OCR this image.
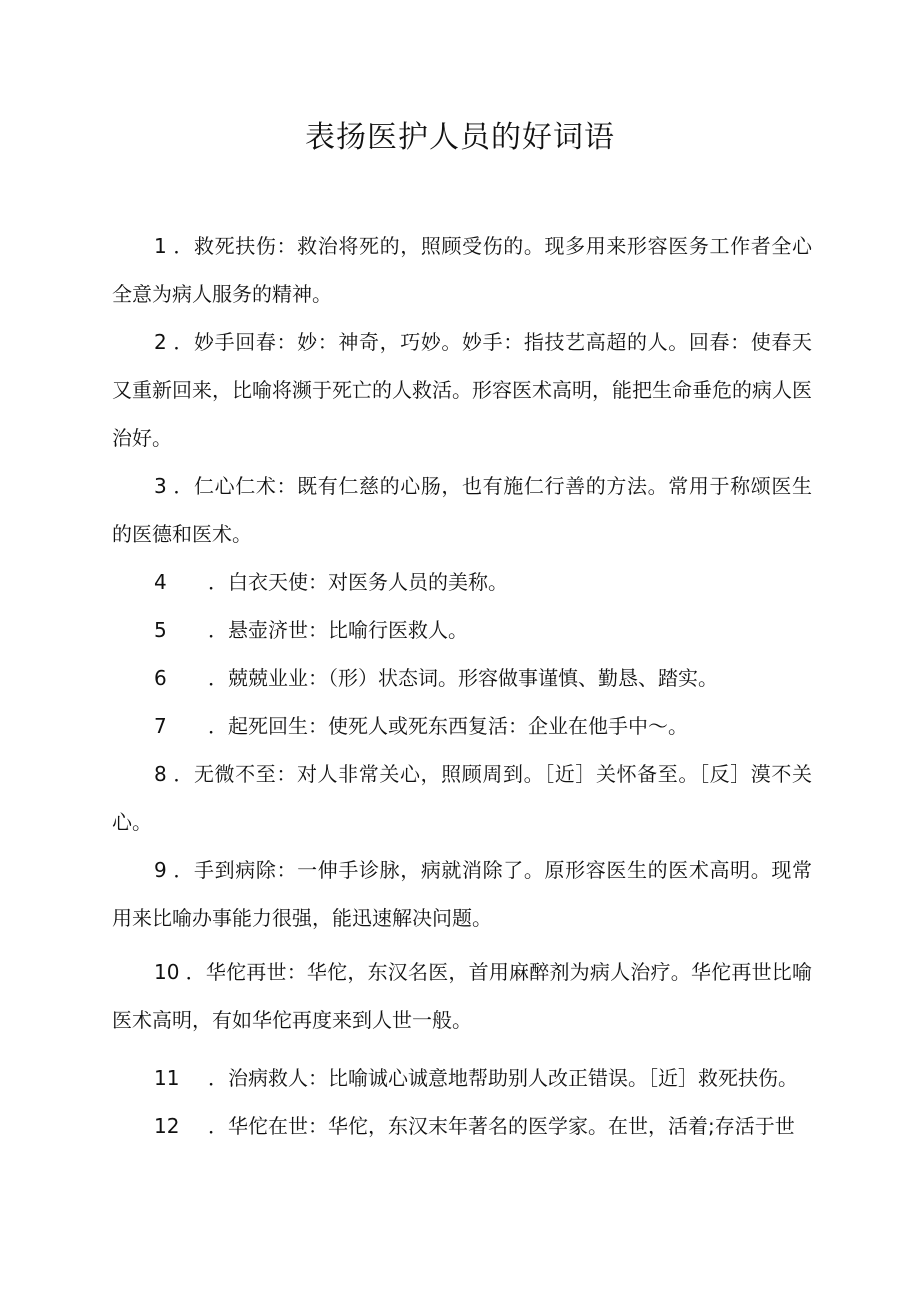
表扬医护人员的好词语

1 ．救死扶伤：救治将死的，照顾受伤的。现多用来形容医务工作者全心全意为病人服务的精神。

2 ．妙手回春：妙：神奇，巧妙。妙手：指技艺高超的人。回春：使春天又重新回来，比喻将濒于死亡的人救活。形容医术高明，能把生命垂危的病人医治好。

3 ．仁心仁术：既有仁慈的心肠，也有施仁行善的方法。常用于称颂医生的医德和医术。

4 ．白衣天使：对医务人员的美称。

5 ．悬壶济世：比喻行医救人。

6 ．兢兢业业：（形）状态词。形容做事谨慎、勤恳、踏实。

7 ．起死回生：使死人或死东西复活：企业在他手中～。

8 ．无微不至：对人非常关心，照顾周到。［近］关怀备至。［反］漠不关心。

9 ．手到病除：一伸手诊脉，病就消除了。原形容医生的医术高明。现常用来比喻办事能力很强，能迅速解决问题。

10 ．华佗再世：华佗，东汉名医，首用麻醉剂为病人治疗。华佗再世比喻医术高明，有如华佗再度来到人世一般。

11 ．治病救人：比喻诚心诚意地帮助别人改正错误。［近］救死扶伤。

12 ．华佗在世：华佗，东汉末年著名的医学家。在世，活着;存活于世
